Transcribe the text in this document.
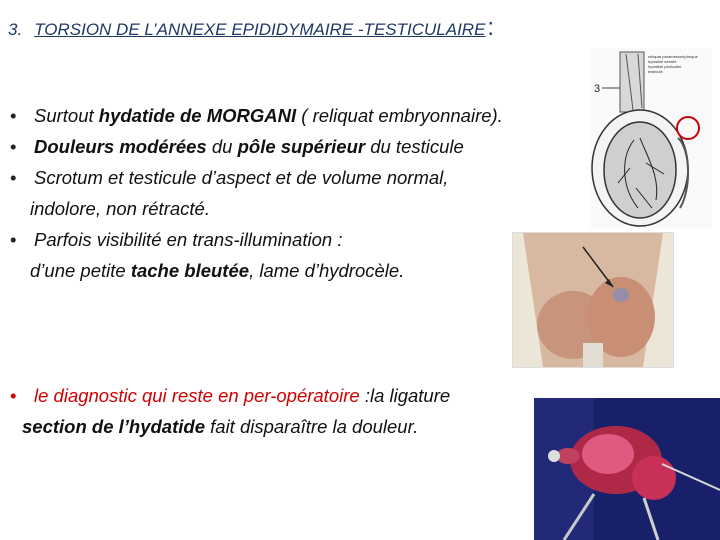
3. TORSION DE L’ANNEXE EPIDIDYMAIRE -TESTICULAIRE:
• Surtout hydatide de MORGANI ( reliquat embryonnaire).
• Douleurs modérées du pôle supérieur du testicule
• Scrotum et testicule d’aspect et de volume normal,
indolore, non rétracté.
• Parfois visibilité en trans-illumination :
d’une petite tache bleutée, lame d’hydrocèle.
• le diagnostic qui reste en per-opératoire :la ligature
section de l’hydatide fait disparaître la douleur.
reliquat paramésonéphrique
hydatide sessile
hydatide pédiculée
testicule
3
